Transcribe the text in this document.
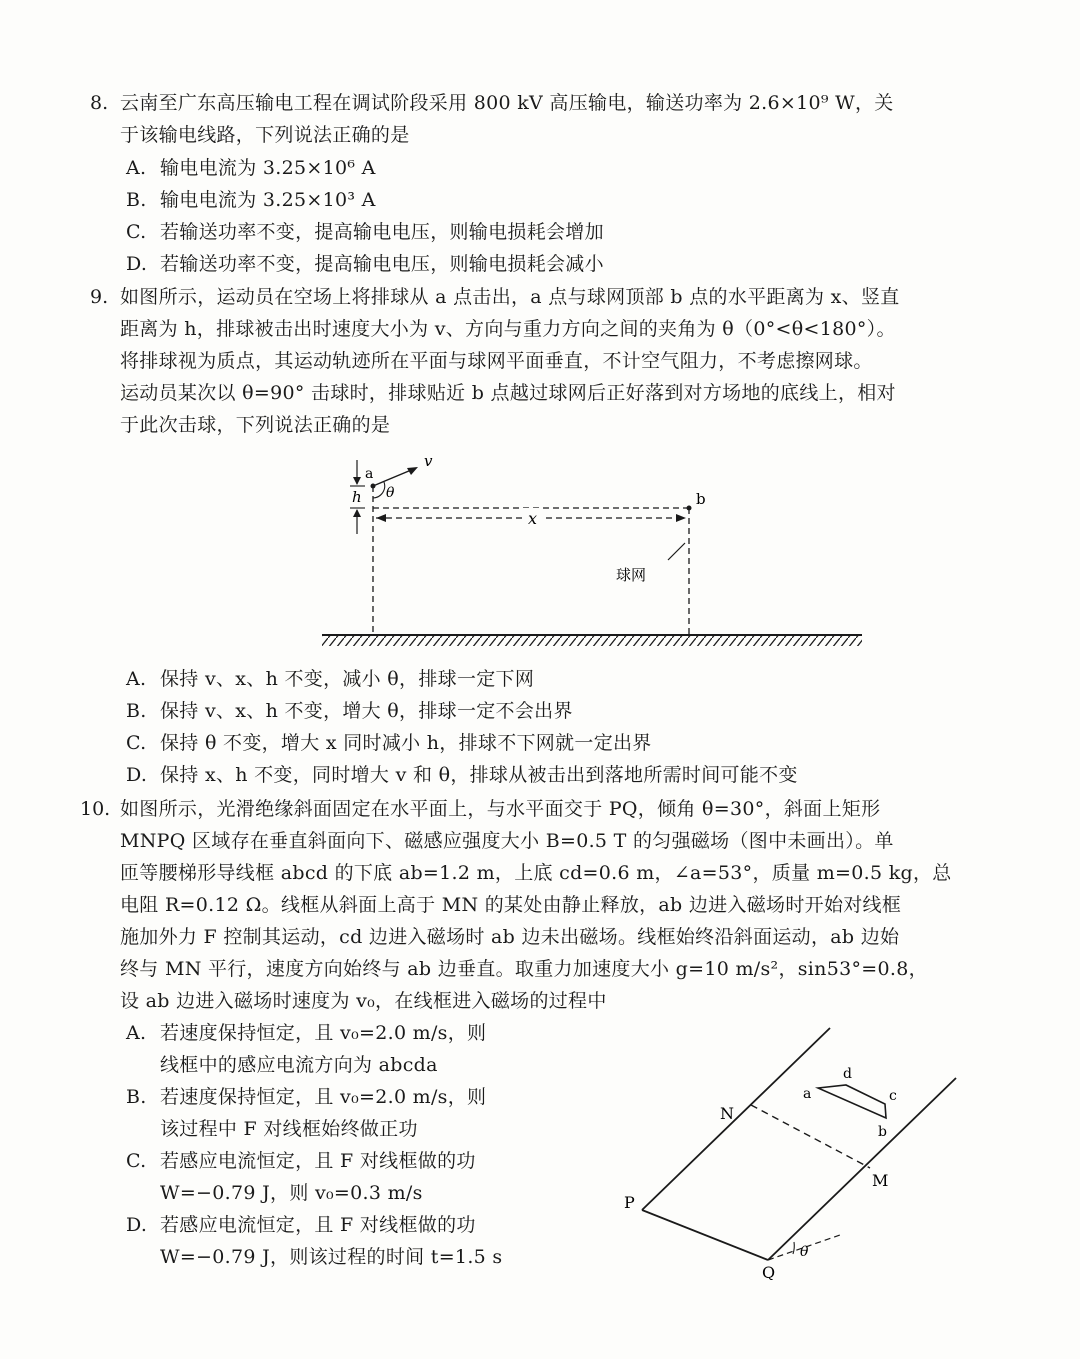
8. 云南至广东高压输电工程在调试阶段采用 800 kV 高压输电，输送功率为 2.6×10⁹ W，关
于该输电线路，下列说法正确的是
A. 输电电流为 3.25×10⁶ A
B. 输电电流为 3.25×10³ A
C. 若输送功率不变，提高输电电压，则输电损耗会增加
D. 若输送功率不变，提高输电电压，则输电损耗会减小
9. 如图所示，运动员在空场上将排球从 a 点击出，a 点与球网顶部 b 点的水平距离为 x、竖直
距离为 h，排球被击出时速度大小为 v、方向与重力方向之间的夹角为 θ（0°<θ<180°）。
将排球视为质点，其运动轨迹所在平面与球网平面垂直，不计空气阻力，不考虑擦网球。
运动员某次以 θ=90° 击球时，排球贴近 b 点越过球网后正好落到对方场地的底线上，相对
于此次击球，下列说法正确的是
b
x
球网
a
v
θ
h
A. 保持 v、x、h 不变，减小 θ，排球一定下网
B. 保持 v、x、h 不变，增大 θ，排球一定不会出界
C. 保持 θ 不变，增大 x 同时减小 h，排球不下网就一定出界
D. 保持 x、h 不变，同时增大 v 和 θ，排球从被击出到落地所需时间可能不变
10. 如图所示，光滑绝缘斜面固定在水平面上，与水平面交于 PQ，倾角 θ=30°，斜面上矩形
MNPQ 区域存在垂直斜面向下、磁感应强度大小 B=0.5 T 的匀强磁场（图中未画出）。单
匝等腰梯形导线框 abcd 的下底 ab=1.2 m，上底 cd=0.6 m，∠a=53°，质量 m=0.5 kg，总
电阻 R=0.12 Ω。线框从斜面上高于 MN 的某处由静止释放，ab 边进入磁场时开始对线框
施加外力 F 控制其运动，cd 边进入磁场时 ab 边未出磁场。线框始终沿斜面运动，ab 边始
终与 MN 平行，速度方向始终与 ab 边垂直。取重力加速度大小 g=10 m/s²，sin53°=0.8，
设 ab 边进入磁场时速度为 v₀，在线框进入磁场的过程中
A. 若速度保持恒定，且 v₀=2.0 m/s，则
线框中的感应电流方向为 abcda
B. 若速度保持恒定，且 v₀=2.0 m/s，则
该过程中 F 对线框始终做正功
C. 若感应电流恒定，且 F 对线框做的功
W=−0.79 J，则 v₀=0.3 m/s
D. 若感应电流恒定，且 F 对线框做的功
W=−0.79 J，则该过程的时间 t=1.5 s	θ
N
M
P
Q
a
d
c
b
